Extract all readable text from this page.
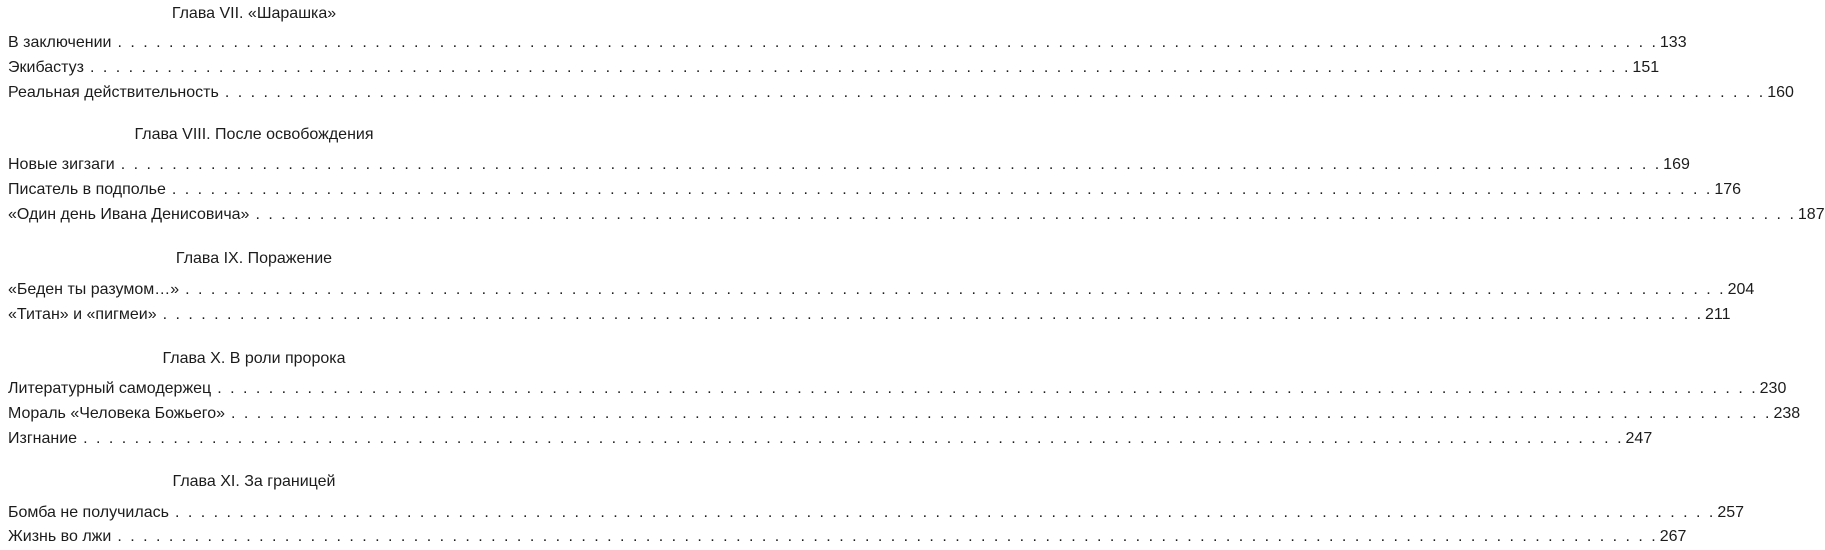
Глава VII. «Шарашка»
В заключении . . . . . . . . . . . . . . . . . . . . . . . . . . . . . . . . . . . . . . . . . . . . . . . . . . . . . . . . . . . . . . . . . . . . . . . . . . . . . . . . . . . . . . . . . . . . . . . . . . . . . . . . . . . . . . . . . . . . . . . . 133
Экибастуз . . . . . . . . . . . . . . . . . . . . . . . . . . . . . . . . . . . . . . . . . . . . . . . . . . . . . . . . . . . . . . . . . . . . . . . . . . . . . . . . . . . . . . . . . . . . . . . . . . . . . . . . . . . . . . . . . . . . . . . . 151
Реальная действительность . . . . . . . . . . . . . . . . . . . . . . . . . . . . . . . . . . . . . . . . . . . . . . . . . . . . . . . . . . . . . . . . . . . . . . . . . . . . . . . . . . . . . . . . . . . . . . . . . . . . . . . . . . . . . . . . . . . . . . . . 160
Глава VIII. После освобождения
Новые зигзаги . . . . . . . . . . . . . . . . . . . . . . . . . . . . . . . . . . . . . . . . . . . . . . . . . . . . . . . . . . . . . . . . . . . . . . . . . . . . . . . . . . . . . . . . . . . . . . . . . . . . . . . . . . . . . . . . . . . . . . . . 169
Писатель в подполье . . . . . . . . . . . . . . . . . . . . . . . . . . . . . . . . . . . . . . . . . . . . . . . . . . . . . . . . . . . . . . . . . . . . . . . . . . . . . . . . . . . . . . . . . . . . . . . . . . . . . . . . . . . . . . . . . . . . . . . . 176
«Один день Ивана Денисовича» . . . . . . . . . . . . . . . . . . . . . . . . . . . . . . . . . . . . . . . . . . . . . . . . . . . . . . . . . . . . . . . . . . . . . . . . . . . . . . . . . . . . . . . . . . . . . . . . . . . . . . . . . . . . . . . . . . . . . . . . 187
Глава IX. Поражение
«Беден ты разумом…» . . . . . . . . . . . . . . . . . . . . . . . . . . . . . . . . . . . . . . . . . . . . . . . . . . . . . . . . . . . . . . . . . . . . . . . . . . . . . . . . . . . . . . . . . . . . . . . . . . . . . . . . . . . . . . . . . . . . . . . . 204
«Титан» и «пигмеи» . . . . . . . . . . . . . . . . . . . . . . . . . . . . . . . . . . . . . . . . . . . . . . . . . . . . . . . . . . . . . . . . . . . . . . . . . . . . . . . . . . . . . . . . . . . . . . . . . . . . . . . . . . . . . . . . . . . . . . . . 211
Глава X. В роли пророка
Литературный самодержец . . . . . . . . . . . . . . . . . . . . . . . . . . . . . . . . . . . . . . . . . . . . . . . . . . . . . . . . . . . . . . . . . . . . . . . . . . . . . . . . . . . . . . . . . . . . . . . . . . . . . . . . . . . . . . . . . . . . . . . . 230
Мораль «Человека Божьего» . . . . . . . . . . . . . . . . . . . . . . . . . . . . . . . . . . . . . . . . . . . . . . . . . . . . . . . . . . . . . . . . . . . . . . . . . . . . . . . . . . . . . . . . . . . . . . . . . . . . . . . . . . . . . . . . . . . . . . . . 238
Изгнание . . . . . . . . . . . . . . . . . . . . . . . . . . . . . . . . . . . . . . . . . . . . . . . . . . . . . . . . . . . . . . . . . . . . . . . . . . . . . . . . . . . . . . . . . . . . . . . . . . . . . . . . . . . . . . . . . . . . . . . . 247
Глава XI. За границей
Бомба не получилась . . . . . . . . . . . . . . . . . . . . . . . . . . . . . . . . . . . . . . . . . . . . . . . . . . . . . . . . . . . . . . . . . . . . . . . . . . . . . . . . . . . . . . . . . . . . . . . . . . . . . . . . . . . . . . . . . . . . . . . . 257
Жизнь во лжи . . . . . . . . . . . . . . . . . . . . . . . . . . . . . . . . . . . . . . . . . . . . . . . . . . . . . . . . . . . . . . . . . . . . . . . . . . . . . . . . . . . . . . . . . . . . . . . . . . . . . . . . . . . . . . . . . . . . . . . . 267
